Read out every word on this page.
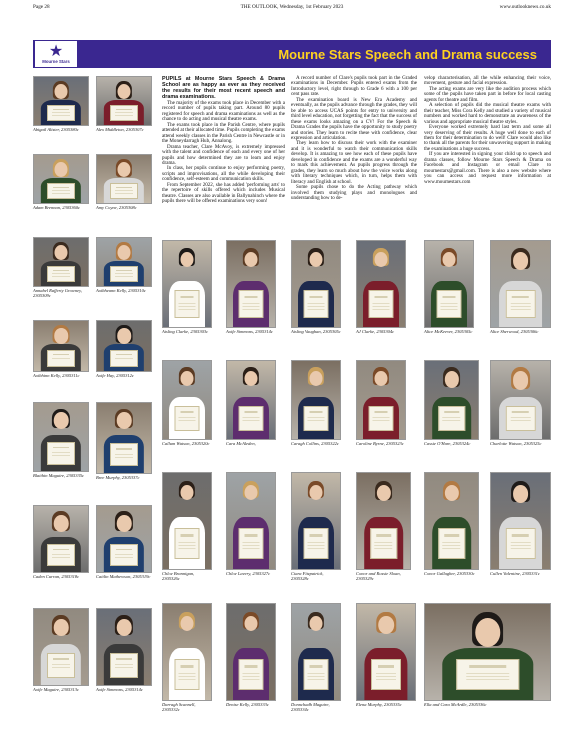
Page 28	THE OUTLOOK, Wednesday, 1st February 2023	www.outlooknews.co.uk
Mourne Stars Speech and Drama success
★
Mourne Stars

PUPILS at Mourne Stars Speech & Drama School are as happy as ever as they received the results for their most recent speech and drama examinations.

The majority of the exams took place in December with a record number of pupils taking part. Around 80 pupils registered for speech and drama examinations as well as the chance to do acting and musical theatre exams.

The exams took place in the Parish Centre, where pupils attended at their allocated time. Pupils completing the exams attend weekly classes in the Parish Centre in Newcastle or in the Moneydarragh Hub, Annalong.

Drama teacher, Clare McAvoy, is extremely impressed with the talent and confidence of each and every one of her pupils and how determined they are to learn and enjoy drama.

In class, her pupils continue to enjoy performing poetry, scripts and improvisations, all the while developing their confidence, self-esteem and communication skills.

From September 2022, she has added 'performing arts' to the repertoire of skills offered which includes Musical theatre. Classes are also available in Ballynahinch where the pupils there will be offered examinations very soon!

A record number of Clare's pupils took part in the Graded examinations in December. Pupils entered exams from the Introductory level, right through to Grade 6 with a 100 per cent pass rate.

The examination board is New Era Academy and eventually, as the pupils advance through the grades, they will be able to access UCAS points for entry to university and third level education, not forgetting the fact that the success of these exams looks amazing on a CV! For the Speech & Drama Grades the pupils have the opportunity to study poetry and stories. They learn to recite these with confidence, clear expression and articulation.

They learn how to discuss their work with the examiner and it is wonderful to watch their communication skills develop. It is amazing to see how each of these pupils have developed in confidence and the exams are a wonderful way to mark this achievement. As pupils progress through the grades, they learn so much about how the voice works along with literary techniques which, in turn, helps them with literacy and English at school.

Some pupils chose to do the Acting pathway which involved them studying plays and monologues and understanding how to de-

velop characterisation, all the while enhancing their voice, movement, gesture and facial expression.

The acting exams are very like the audition process which some of the pupils have taken part in before for local casting agents for theatre and film.

A selection of pupils did the musical theatre exams with their teacher, Miss Cora Kelly and studied a variety of musical numbers and worked hard to demonstrate an awareness of the various and appropriate musical theatre styles.

Everyone worked extremely hard last term and some all very deserving of their results. A huge well done to each of them for their determination to do well! Clare would also like to thank all the parents for their unwavering support in making the examinations a huge success.

If you are interested in signing your child up to speech and drama classes, follow Mourne Stars Speech & Drama on Facebook and Instagram or email Clare to mournestars@gmail.com. There is also a new website where you can access and request more information at www.mournestars.com

Abigail Alister, 2305380c	Alex Middleton, 2305307c
Adam Brennan, 2305360c	Amy Coyne, 2305308c
Annabel Rafferty Growney, 2305309c
Aoibheann Kelly, 2305310c
Aisling Clarke, 2305303c	Aoife Simmons, 2305314c	Aisling Vaughan, 2305305c	AJ Clarke, 2305304c	Alice McKeever, 2305305c	Alice Sherwood, 2305306c
Aoibhinn Kelly, 2305311c	Aoife Hay, 2305312c
Callum Watson, 2305320c	Cara McAleden,	Caragh Collins, 2305322c	Caroline Byrne, 2305323c	Cassie O'Hare, 2305324c	Charlotte Watson, 2305325c
Blaithin Maguire, 2305335c	Bree Murphy, 2305337c
Chloe Brannigan, 2305326c
Chloe Lavery, 2305327c	Ciara Fitzpatrick, 2305328c
Conor and Rossie Sloan, 2305329c
Conor Gallagher, 2305330c	Cullen Valentine, 2305331c
Caden Curran, 2305318c	Caitlin Mathewson, 2305319c
Darragh Scannell, 2305332c
Denise Kelly, 2305333c	Donnchadh Maguire, 2305334c
Elena Murphy, 2305335c	Ella and Cara McArdle, 2305336c
Aoife Maguire, 2305313c	Aoife Simmons, 2305314c
